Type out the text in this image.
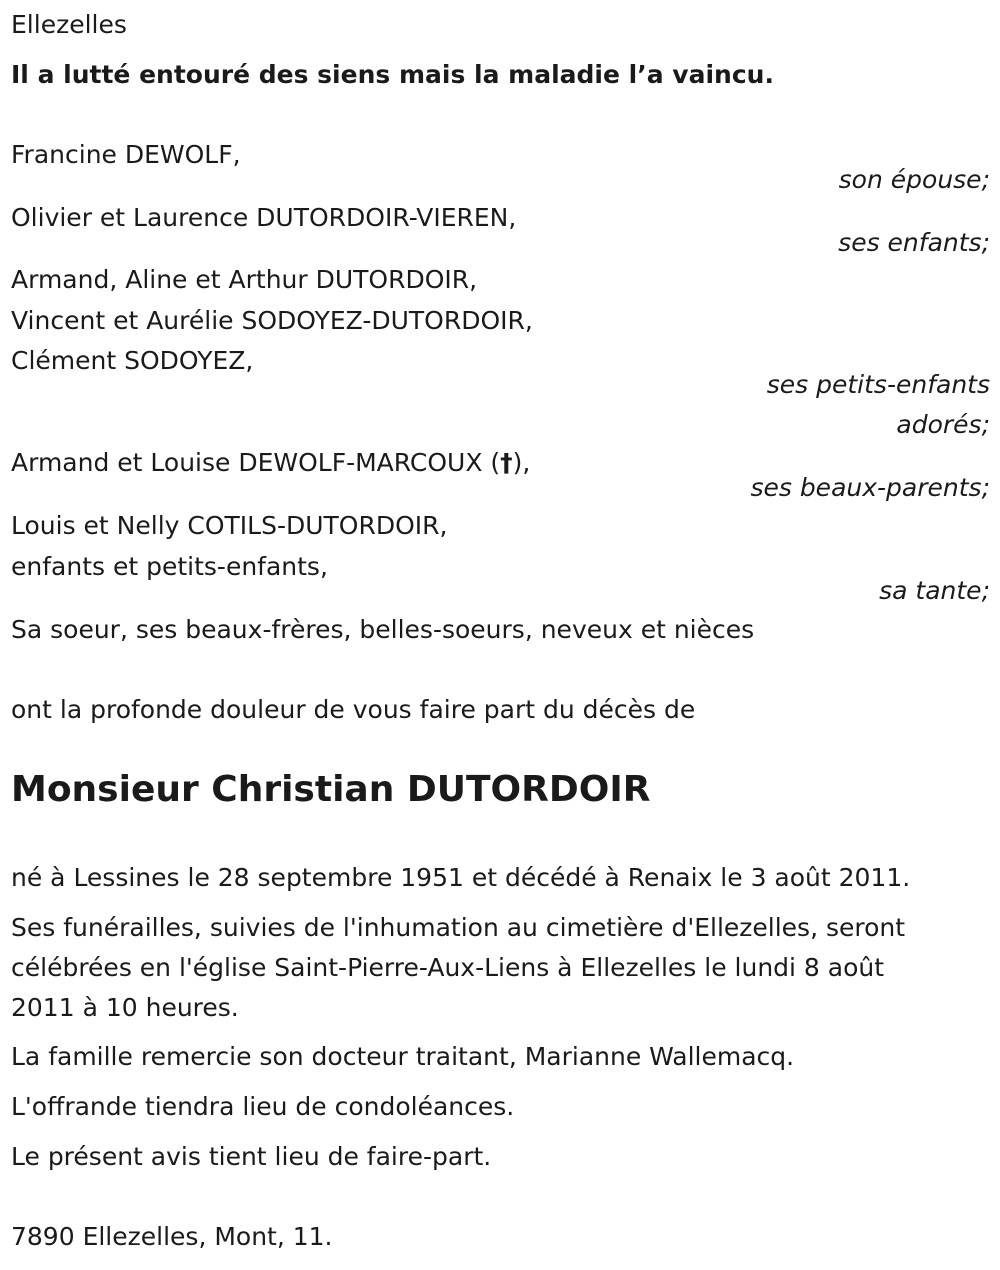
Ellezelles
Il a lutté entouré des siens mais la maladie l’a vaincu.
Francine DEWOLF,
son épouse;
Olivier et Laurence DUTORDOIR-VIEREN,
ses enfants;
Armand, Aline et Arthur DUTORDOIR,
Vincent et Aurélie SODOYEZ-DUTORDOIR,
Clément SODOYEZ,
ses petits-enfants
adorés;
Armand et Louise DEWOLF-MARCOUX (†),
ses beaux-parents;
Louis et Nelly COTILS-DUTORDOIR,
enfants et petits-enfants,
sa tante;
Sa soeur, ses beaux-frères, belles-soeurs, neveux et nièces
ont la profonde douleur de vous faire part du décès de
Monsieur Christian DUTORDOIR
né à Lessines le 28 septembre 1951 et décédé à Renaix le 3 août 2011.
Ses funérailles, suivies de l'inhumation au cimetière d'Ellezelles, seront
célébrées en l'église Saint-Pierre-Aux-Liens à Ellezelles le lundi 8 août
2011 à 10 heures.
La famille remercie son docteur traitant, Marianne Wallemacq.
L'offrande tiendra lieu de condoléances.
Le présent avis tient lieu de faire-part.
7890 Ellezelles, Mont, 11.
